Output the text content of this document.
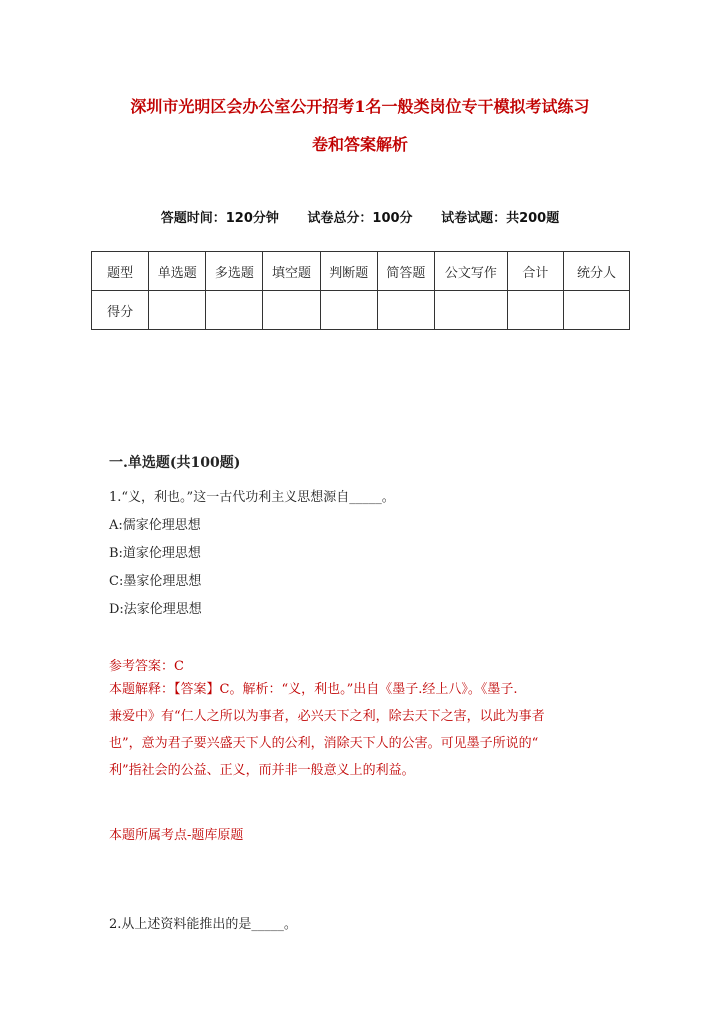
深圳市光明区会办公室公开招考1名一般类岗位专干模拟考试练习
卷和答案解析
答题时间：120分钟 试卷总分：100分 试卷试题：共200题
题型	单选题	多选题	填空题	判断题	简答题	公文写作	合计	统分人
得分								
一.单选题(共100题)
1.“义，利也。”这一古代功利主义思想源自_____。
A:儒家伦理思想
B:道家伦理思想
C:墨家伦理思想
D:法家伦理思想
参考答案：C
本题解释：【答案】C。解析：“义，利也。”出自《墨子.经上八》。《墨子.
兼爱中》有“仁人之所以为事者，必兴天下之利，除去天下之害，以此为事者
也”，意为君子要兴盛天下人的公利，消除天下人的公害。可见墨子所说的“
利”指社会的公益、正义，而并非一般意义上的利益。
本题所属考点-题库原题
2.从上述资料能推出的是_____。
